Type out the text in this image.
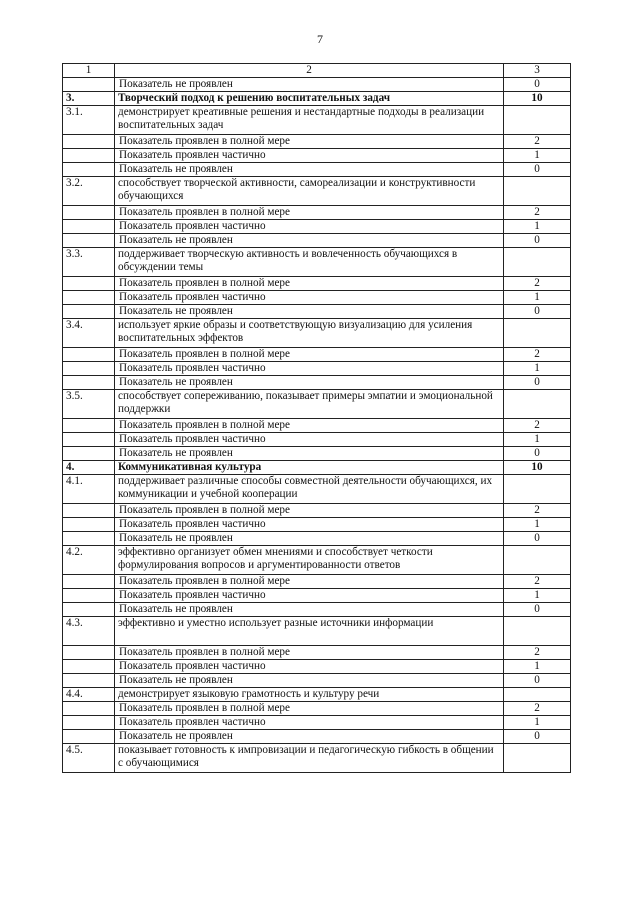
7
1	2	3
	Показатель не проявлен	0
3.	Творческий подход к решению воспитательных задач	10
3.1.	демонстрирует креативные решения и нестандартные подходы в реализации воспитательных задач	
	Показатель проявлен в полной мере	2
	Показатель проявлен частично	1
	Показатель не проявлен	0
3.2.	способствует творческой активности, самореализации и конструктивности обучающихся	
	Показатель проявлен в полной мере	2
	Показатель проявлен частично	1
	Показатель не проявлен	0
3.3.	поддерживает творческую активность и вовлеченность обучающихся в обсуждении темы	
	Показатель проявлен в полной мере	2
	Показатель проявлен частично	1
	Показатель не проявлен	0
3.4.	использует яркие образы и соответствующую визуализацию для усиления воспитательных эффектов	
	Показатель проявлен в полной мере	2
	Показатель проявлен частично	1
	Показатель не проявлен	0
3.5.	способствует сопереживанию, показывает примеры эмпатии и эмоциональной поддержки	
	Показатель проявлен в полной мере	2
	Показатель проявлен частично	1
	Показатель не проявлен	0
4.	Коммуникативная культура	10
4.1.	поддерживает различные способы совместной деятельности обучающихся, их коммуникации и учебной кооперации	
	Показатель проявлен в полной мере	2
	Показатель проявлен частично	1
	Показатель не проявлен	0
4.2.	эффективно организует обмен мнениями и способствует четкости формулирования вопросов и аргументированности ответов	
	Показатель проявлен в полной мере	2
	Показатель проявлен частично	1
	Показатель не проявлен	0
4.3.	эффективно и уместно использует разные источники информации	
	Показатель проявлен в полной мере	2
	Показатель проявлен частично	1
	Показатель не проявлен	0
4.4.	демонстрирует языковую грамотность и культуру речи	
	Показатель проявлен в полной мере	2
	Показатель проявлен частично	1
	Показатель не проявлен	0
4.5.	показывает готовность к импровизации и педагогическую гибкость в общении с обучающимися	
